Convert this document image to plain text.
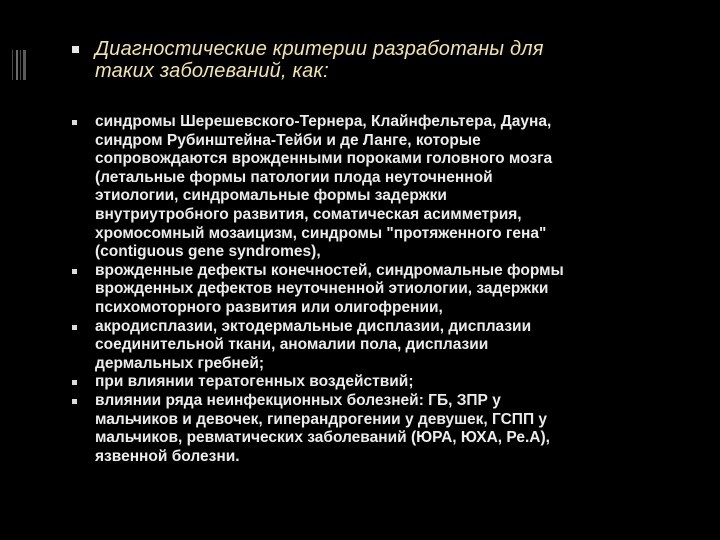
Диагностические критерии разработаны для
таких заболеваний, как:
синдромы Шерешевского-Тернера, Клайнфельтера, Дауна,
синдром Рубинштейна-Тейби и де Ланге, которые
сопровождаются врожденными пороками головного мозга
(летальные формы патологии плода неуточненной
этиологии, синдромальные формы задержки
внутриутробного развития, соматическая асимметрия,
хромосомный мозаицизм, синдромы "протяженного гена"
(contiguous gene syndromes),
врожденные дефекты конечностей, синдромальные формы
врожденных дефектов неуточненной этиологии, задержки
психомоторного развития или олигофрении,
акродисплазии, эктодермальные дисплазии, дисплазии
соединительной ткани, аномалии пола, дисплазии
дермальных гребней;
при влиянии тератогенных воздействий;
влиянии ряда неинфекционных болезней: ГБ, ЗПР у
мальчиков и девочек, гиперандрогении у девушек, ГСПП у
мальчиков, ревматических заболеваний (ЮРА, ЮХА, Ре.А),
язвенной болезни.
